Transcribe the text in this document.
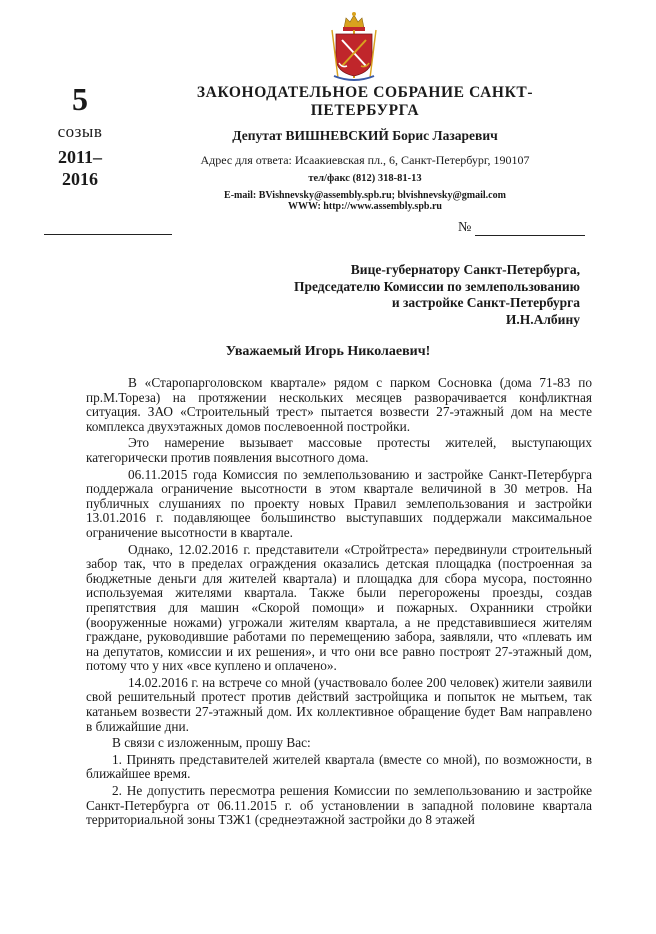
5
созыв
2011–
2016
ЗАКОНОДАТЕЛЬНОЕ СОБРАНИЕ САНКТ-ПЕТЕРБУРГА
Депутат ВИШНЕВСКИЙ Борис Лазаревич
Адрес для ответа: Исаакиевская пл., 6, Санкт-Петербург, 190107
тел/факс (812) 318-81-13
E-mail: BVishnevsky@assembly.spb.ru; blvishnevsky@gmail.com
WWW: http://www.assembly.spb.ru
№
Вице-губернатору Санкт-Петербурга,
Председателю Комиссии по землепользованию
и застройке Санкт-Петербурга
И.Н.Албину
Уважаемый Игорь Николаевич!

В «Старопарголовском квартале» рядом с парком Сосновка (дома 71-83 по пр.М.Тореза) на протяжении нескольких месяцев разворачивается конфликтная ситуация. ЗАО «Строительный трест» пытается возвести 27-этажный дом на месте комплекса двухэтажных домов послевоенной постройки.

Это намерение вызывает массовые протесты жителей, выступающих категорически против появления высотного дома.

06.11.2015 года Комиссия по землепользованию и застройке Санкт-Петербурга поддержала ограничение высотности в этом квартале величиной в 30 метров. На публичных слушаниях по проекту новых Правил землепользования и застройки 13.01.2016 г. подавляющее большинство выступавших поддержали максимальное ограничение высотности в квартале.

Однако, 12.02.2016 г. представители «Стройтреста» передвинули строительный забор так, что в пределах ограждения оказались детская площадка (построенная за бюджетные деньги для жителей квартала) и площадка для сбора мусора, постоянно используемая жителями квартала. Также были перегорожены проезды, создав препятствия для машин «Скорой помощи» и пожарных. Охранники стройки (вооруженные ножами) угрожали жителям квартала, а не представившиеся жителям граждане, руководившие работами по перемещению забора, заявляли, что «плевать им на депутатов, комиссии и их решения», и что они все равно построят 27-этажный дом, потому что у них «все куплено и оплачено».

14.02.2016 г. на встрече со мной (участвовало более 200 человек) жители заявили свой решительный протест против действий застройщика и попыток не мытьем, так катаньем возвести 27-этажный дом. Их коллективное обращение будет Вам направлено в ближайшие дни.

В связи с изложенным, прошу Вас:

1. Принять представителей жителей квартала (вместе со мной), по возможности, в ближайшее время.

2. Не допустить пересмотра решения Комиссии по землепользованию и застройке Санкт-Петербурга от 06.11.2015 г. об установлении в западной половине квартала территориальной зоны ТЗЖ1 (среднеэтажной застройки до 8 этажей
